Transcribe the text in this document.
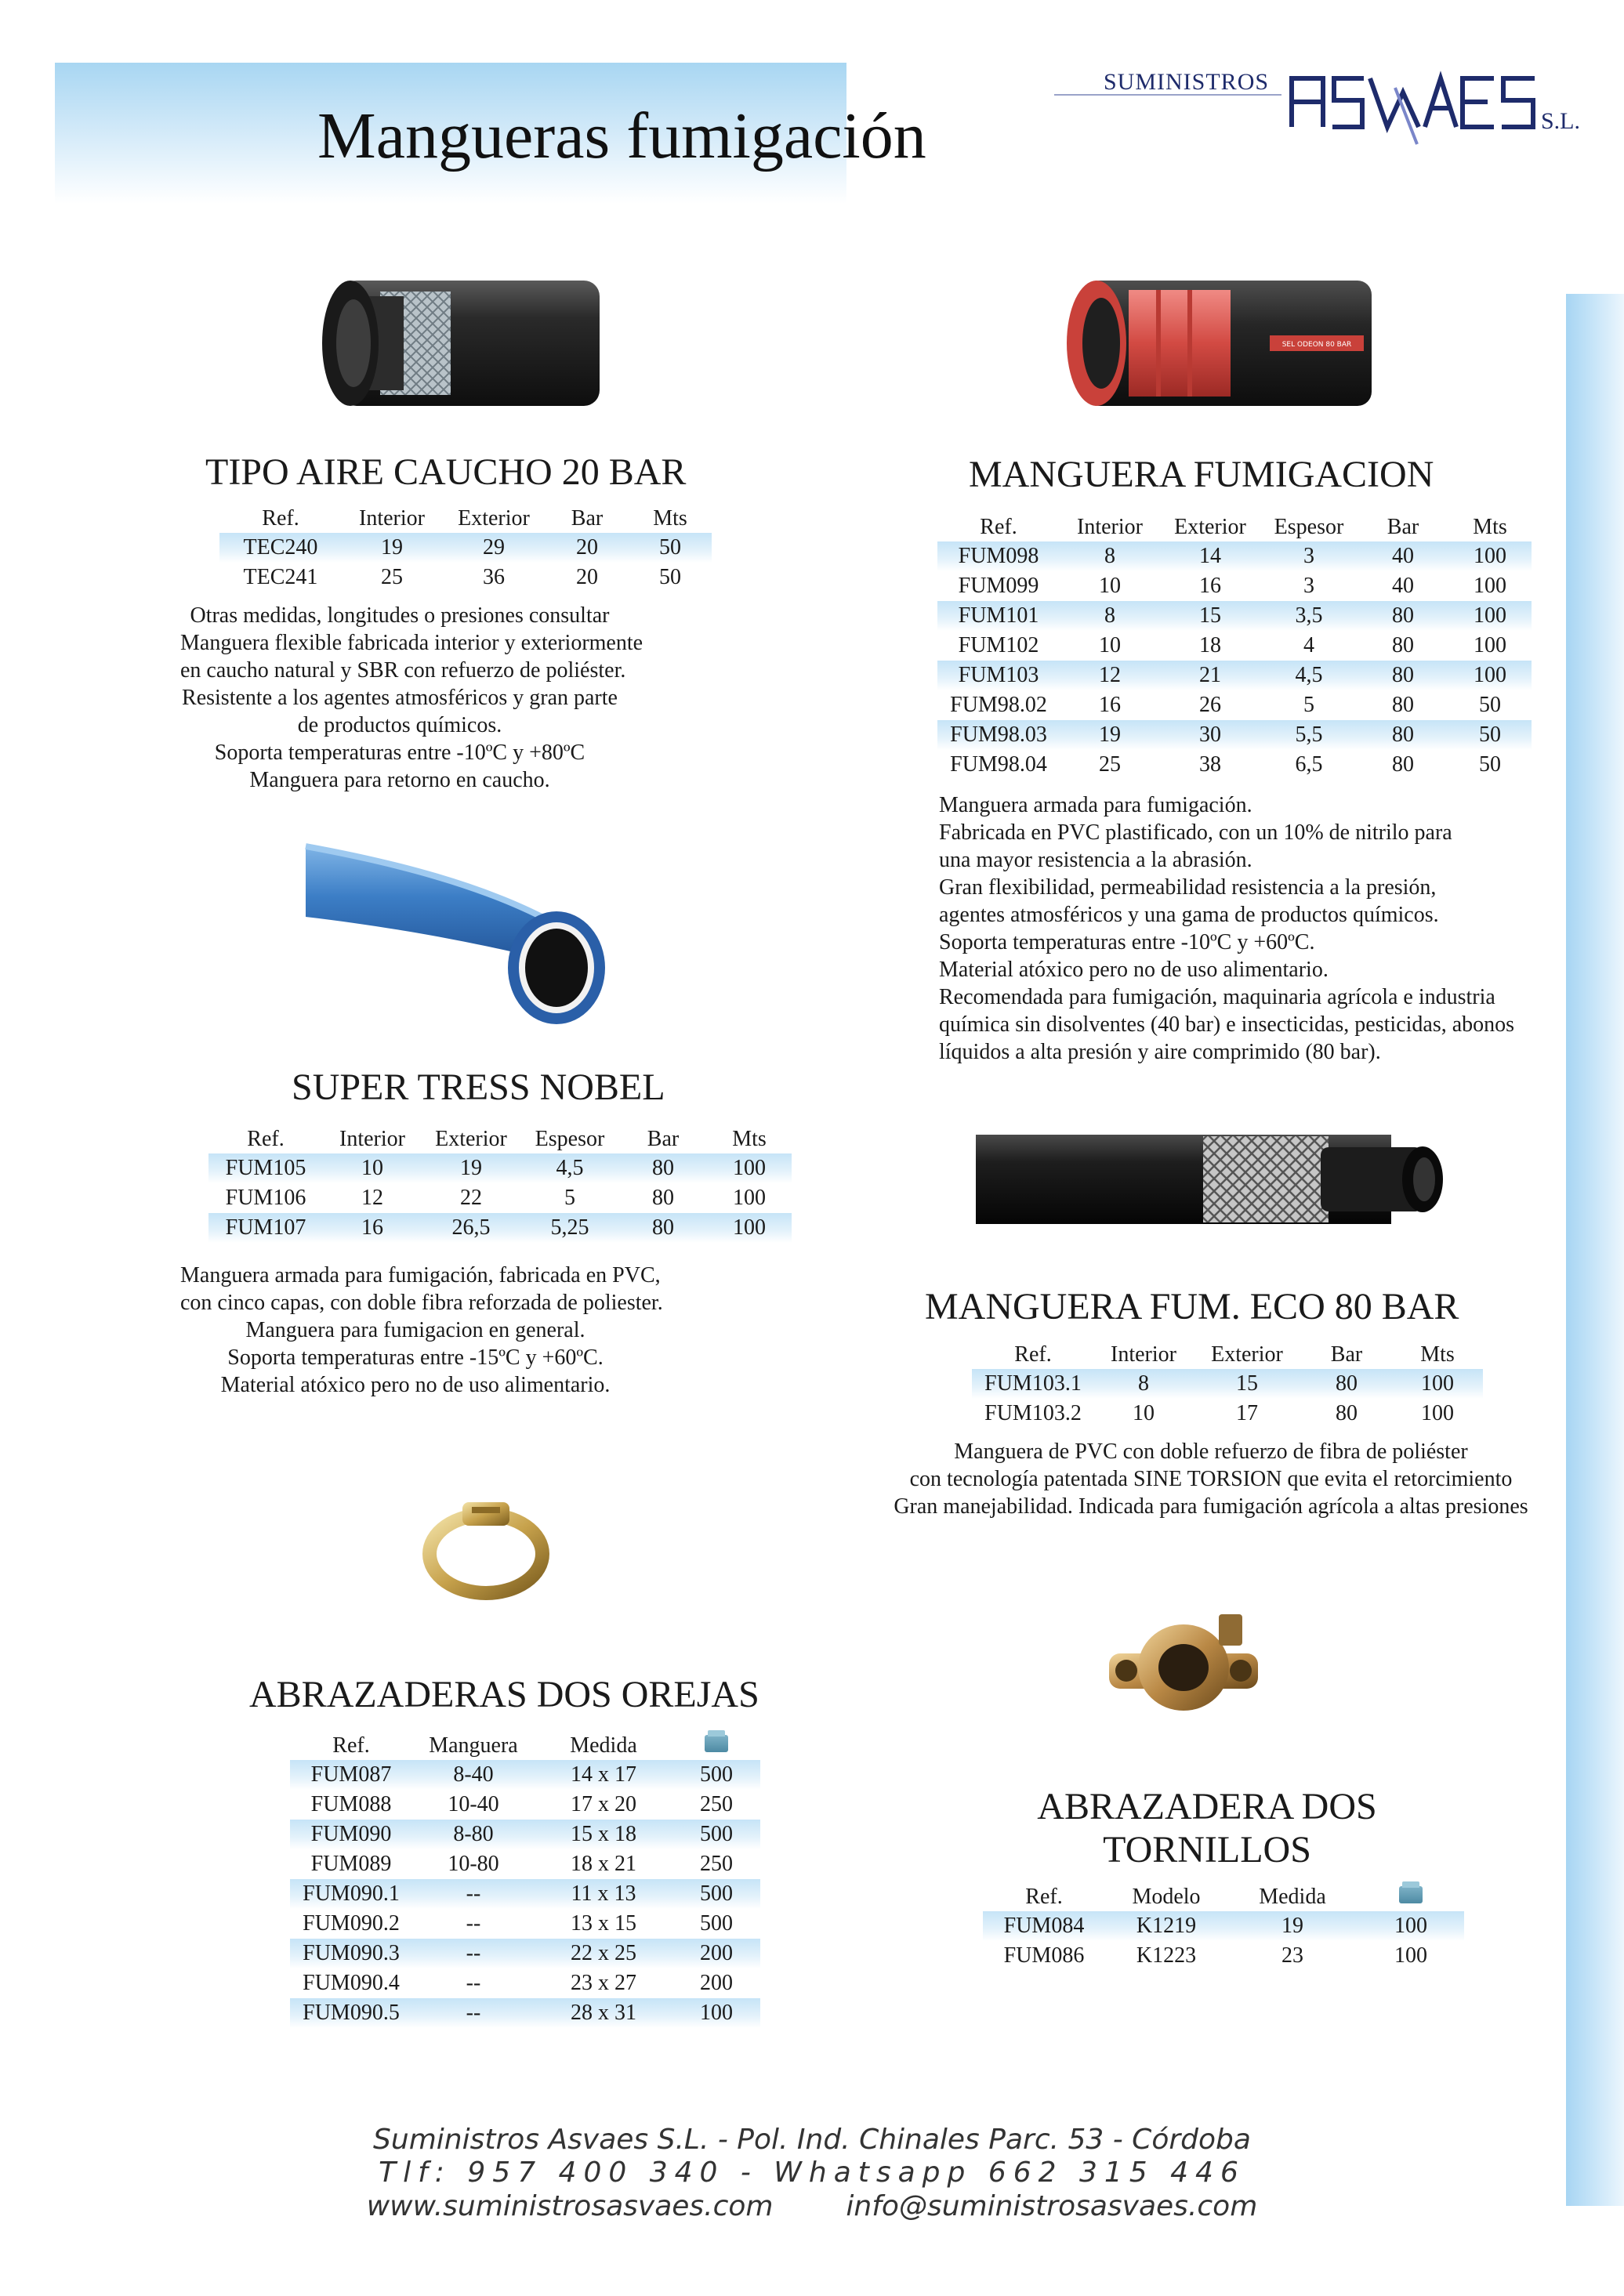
Mangueras fumigación
SUMINISTROS
S.L.
SEL ODEON 80 BAR
TIPO AIRE CAUCHO 20 BAR
Ref.	Interior	Exterior	Bar	Mts
TEC240	19	29	20	50
TEC241	25	36	20	50
Otras medidas, longitudes o presiones consultar
Manguera flexible fabricada interior y exteriormente
en caucho natural y SBR con refuerzo de poliéster.
Resistente a los agentes atmosféricos y gran parte
de productos químicos.
Soporta temperaturas entre -10ºC y +80ºC
Manguera para retorno en caucho.
MANGUERA FUMIGACION
Ref.	Interior	Exterior	Espesor	Bar	Mts
FUM098	8	14	3	40	100
FUM099	10	16	3	40	100
FUM101	8	15	3,5	80	100
FUM102	10	18	4	80	100
FUM103	12	21	4,5	80	100
FUM98.02	16	26	5	80	50
FUM98.03	19	30	5,5	80	50
FUM98.04	25	38	6,5	80	50
Manguera armada para fumigación.
Fabricada en PVC plastificado, con un 10% de nitrilo para
una mayor resistencia a la abrasión.
Gran flexibilidad, permeabilidad resistencia a la presión,
agentes atmosféricos y una gama de productos químicos.
Soporta temperaturas entre -10ºC y +60ºC.
Material atóxico pero no de uso alimentario.
Recomendada para fumigación, maquinaria agrícola e industria
química sin disolventes (40 bar) e insecticidas, pesticidas, abonos
líquidos a alta presión y aire comprimido (80 bar).
SUPER TRESS NOBEL
Ref.	Interior	Exterior	Espesor	Bar	Mts
FUM105	10	19	4,5	80	100
FUM106	12	22	5	80	100
FUM107	16	26,5	5,25	80	100
Manguera armada para fumigación, fabricada en PVC,
con cinco capas, con doble fibra reforzada de poliester.
Manguera para fumigacion en general.
Soporta temperaturas entre -15ºC y +60ºC.
Material atóxico pero no de uso alimentario.
MANGUERA FUM. ECO 80 BAR
Ref.	Interior	Exterior	Bar	Mts
FUM103.1	8	15	80	100
FUM103.2	10	17	80	100
Manguera de PVC con doble refuerzo de fibra de poliéster
con tecnología patentada SINE TORSION que evita el retorcimiento
Gran manejabilidad. Indicada para fumigación agrícola a altas presiones
ABRAZADERAS DOS OREJAS
Ref.	Manguera	Medida	
FUM087	8-40	14 x 17	500
FUM088	10-40	17 x 20	250
FUM090	8-80	15 x 18	500
FUM089	10-80	18 x 21	250
FUM090.1	--	11 x 13	500
FUM090.2	--	13 x 15	500
FUM090.3	--	22 x 25	200
FUM090.4	--	23 x 27	200
FUM090.5	--	28 x 31	100
ABRAZADERA DOS
TORNILLOS
Ref.	Modelo	Medida	
FUM084	K1219	19	100
FUM086	K1223	23	100
Suministros Asvaes S.L. - Pol. Ind. Chinales Parc. 53 - Córdoba
Tlf: 957 400 340 - Whatsapp 662 315 446
www.suministrosasvaes.com	info@suministrosasvaes.com
